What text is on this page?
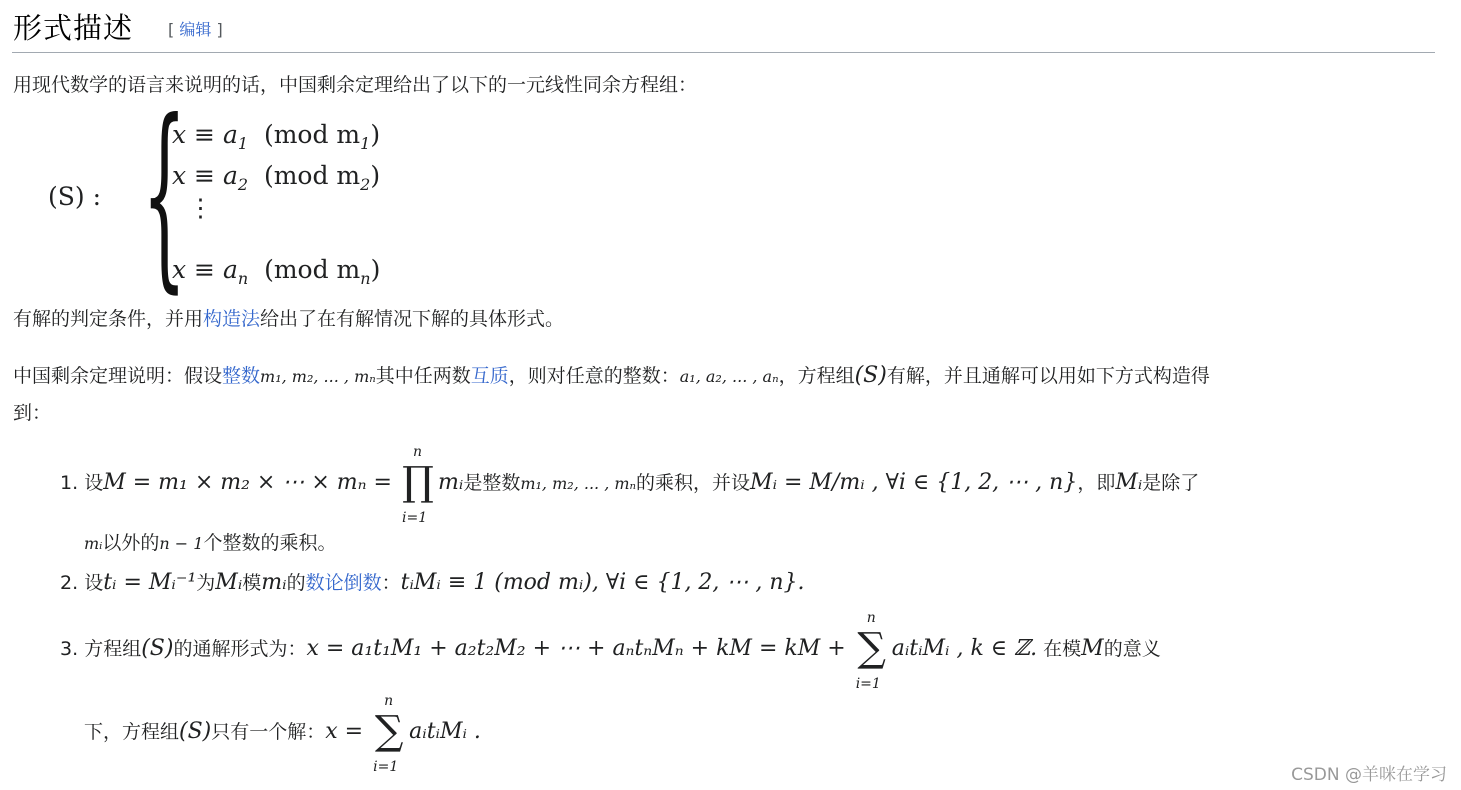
形式描述 [ 编辑 ]
用现代数学的语言来说明的话，中国剩余定理给出了以下的一元线性同余方程组：
(S) : {
$x \equiv a_1$ (mod $m_1$)
$x \equiv a_2$ (mod $m_2$)
⋮
$x \equiv a_n$ (mod $m_n$)
有解的判定条件，并用构造法给出了在有解情况下解的具体形式。
中国剩余定理说明：假设整数m₁, m₂, ... , mₙ其中任两数互质，则对任意的整数：a₁, a₂, ... , aₙ，方程组(S)有解，并且通解可以用如下方式构造得
到：
1. 设M = m₁ × m₂ × ⋯ × mₙ =
n
∏
i=1
mᵢ是整数m₁, m₂, ... , mₙ的乘积，并设Mᵢ = M/mᵢ , ∀i ∈ {1, 2, ⋯ , n}，即Mᵢ是除了
mᵢ以外的n − 1个整数的乘积。
2. 设tᵢ = Mᵢ⁻¹为Mᵢ模mᵢ的数论倒数：tᵢMᵢ ≡ 1 (mod mᵢ), ∀i ∈ {1, 2, ⋯ , n}.
3. 方程组(S)的通解形式为：x = a₁t₁M₁ + a₂t₂M₂ + ⋯ + aₙtₙMₙ + kM = kM +
n
∑
i=1
aᵢtᵢMᵢ , k ∈ ℤ. 在模M的意义
下，方程组(S)只有一个解：x =
n
∑
i=1
aᵢtᵢMᵢ .
CSDN @羊咪在学习
